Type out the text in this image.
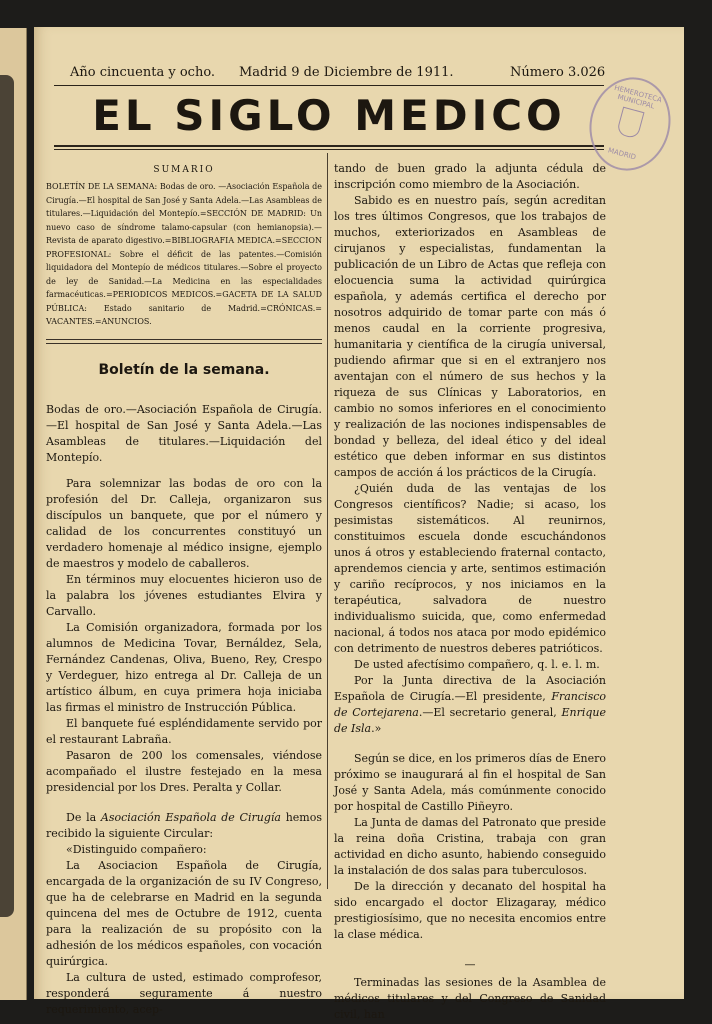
Año cincuenta y ocho. Madrid 9 de Diciembre de 1911.	Número 3.026
EL SIGLO MEDICO	HEMEROTECA MUNICIPAL
MADRID
SUMARIO

BOLETÍN DE LA SEMANA: Bodas de oro. —Asociación Española de Cirugía.—El hospital de San José y Santa Adela.—Las Asambleas de titulares.—Liquidación del Montepío.=SECCIÓN DE MADRID: Un nuevo caso de síndrome talamo-capsular (con hemianopsia).—Revista de aparato digestivo.=BIBLIOGRAFIA MEDICA.=SECCION PROFESIONAL: Sobre el déficit de las patentes.—Comisión liquidadora del Montepío de médicos titulares.—Sobre el proyecto de ley de Sanidad.—La Medicina en las especialidades farmacéuticas.=PERIODICOS MEDICOS.=GACETA DE LA SALUD PÚBLICA: Estado sanitario de Madrid.=CRÓNICAS.= VACANTES.=ANUNCIOS.

Boletín de la semana.

Bodas de oro.—Asociación Española de Cirugía.—El hospital de San José y Santa Adela.—Las Asambleas de titulares.—Liquidación del Montepío.

Para solemnizar las bodas de oro con la profesión del Dr. Calleja, organizaron sus discípulos un banquete, que por el número y calidad de los concurrentes constituyó un verdadero homenaje al médico insigne, ejemplo de maestros y modelo de caballeros.

En términos muy elocuentes hicieron uso de la palabra los jóvenes estudiantes Elvira y Carvallo.

La Comisión organizadora, formada por los alumnos de Medicina Tovar, Bernáldez, Sela, Fernández Candenas, Oliva, Bueno, Rey, Crespo y Verdeguer, hizo entrega al Dr. Calleja de un artístico álbum, en cuya primera hoja iniciaba las firmas el ministro de Instrucción Pública.

El banquete fué espléndidamente servido por el restaurant Labraña.

Pasaron de 200 los comensales, viéndose acompañado el ilustre festejado en la mesa presidencial por los Dres. Peralta y Collar.

De la Asociación Española de Cirugía hemos recibido la siguiente Circular:

«Distinguido compañero:

La Asociacion Española de Cirugía, encargada de la organización de su IV Congreso, que ha de celebrarse en Madrid en la segunda quincena del mes de Octubre de 1912, cuenta para la realización de su propósito con la adhesión de los médicos españoles, con vocación quirúrgica.

La cultura de usted, estimado comprofesor, responderá seguramente á nuestro requerimiento, acep-

tando de buen grado la adjunta cédula de inscripción como miembro de la Asociación.

Sabido es en nuestro país, según acreditan los tres últimos Congresos, que los trabajos de muchos, exteriorizados en Asambleas de cirujanos y especialistas, fundamentan la publicación de un Libro de Actas que refleja con elocuencia suma la actividad quirúrgica española, y además certifica el derecho por nosotros adquirido de tomar parte con más ó menos caudal en la corriente progresiva, humanitaria y científica de la cirugía universal, pudiendo afirmar que si en el extranjero nos aventajan con el número de sus hechos y la riqueza de sus Clínicas y Laboratorios, en cambio no somos inferiores en el conocimiento y realización de las nociones indispensables de bondad y belleza, del ideal ético y del ideal estético que deben informar en sus distintos campos de acción á los prácticos de la Cirugía.

¿Quién duda de las ventajas de los Congresos científicos? Nadie; si acaso, los pesimistas sistemáticos. Al reunirnos, constituimos escuela donde escuchándonos unos á otros y estableciendo fraternal contacto, aprendemos ciencia y arte, sentimos estimación y cariño recíprocos, y nos iniciamos en la terapéutica, salvadora de nuestro individualismo suicida, que, como enfermedad nacional, á todos nos ataca por modo epidémico con detrimento de nuestros deberes patrióticos.

De usted afectísimo compañero, q. l. e. l. m.

Por la Junta directiva de la Asociación Española de Cirugía.—El presidente, Francisco de Cortejarena.—El secretario general, Enrique de Isla.»

Según se dice, en los primeros días de Enero próximo se inaugurará al fin el hospital de San José y Santa Adela, más comúnmente conocido por hospital de Castillo Piñeyro.

La Junta de damas del Patronato que preside la reina doña Cristina, trabaja con gran actividad en dicho asunto, habiendo conseguido la instalación de dos salas para tuberculosos.

De la dirección y decanato del hospital ha sido encargado el doctor Elizagaray, médico prestigiosísimo, que no necesita encomios entre la clase médica.

—

Terminadas las sesiones de la Asamblea de médicos titulares y del Congreso de Sanidad civil, han
